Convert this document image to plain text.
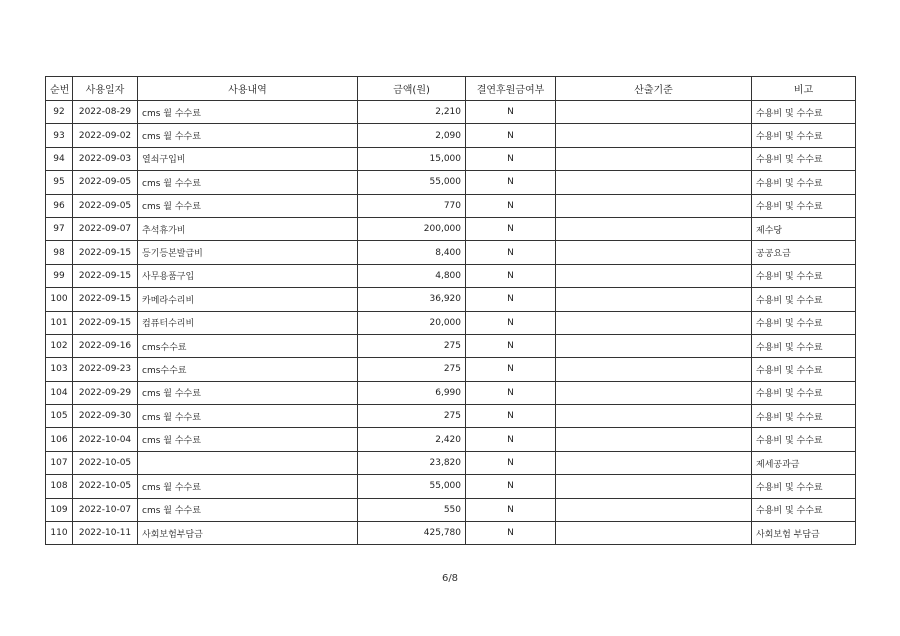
순번	사용일자	사용내역	금액(원)	결연후원금여부	산출기준	비고
92	2022-08-29	cms 월 수수료	2,210	N		수용비 및 수수료
93	2022-09-02	cms 월 수수료	2,090	N		수용비 및 수수료
94	2022-09-03	열쇠구입비	15,000	N		수용비 및 수수료
95	2022-09-05	cms 월 수수료	55,000	N		수용비 및 수수료
96	2022-09-05	cms 월 수수료	770	N		수용비 및 수수료
97	2022-09-07	추석휴가비	200,000	N		제수당
98	2022-09-15	등기등본발급비	8,400	N		공공요금
99	2022-09-15	사무용품구입	4,800	N		수용비 및 수수료
100	2022-09-15	카메라수리비	36,920	N		수용비 및 수수료
101	2022-09-15	컴퓨터수리비	20,000	N		수용비 및 수수료
102	2022-09-16	cms수수료	275	N		수용비 및 수수료
103	2022-09-23	cms수수료	275	N		수용비 및 수수료
104	2022-09-29	cms 월 수수료	6,990	N		수용비 및 수수료
105	2022-09-30	cms 월 수수료	275	N		수용비 및 수수료
106	2022-10-04	cms 월 수수료	2,420	N		수용비 및 수수료
107	2022-10-05		23,820	N		제세공과금
108	2022-10-05	cms 월 수수료	55,000	N		수용비 및 수수료
109	2022-10-07	cms 월 수수료	550	N		수용비 및 수수료
110	2022-10-11	사회보험부담금	425,780	N		사회보험 부담금
6/8
